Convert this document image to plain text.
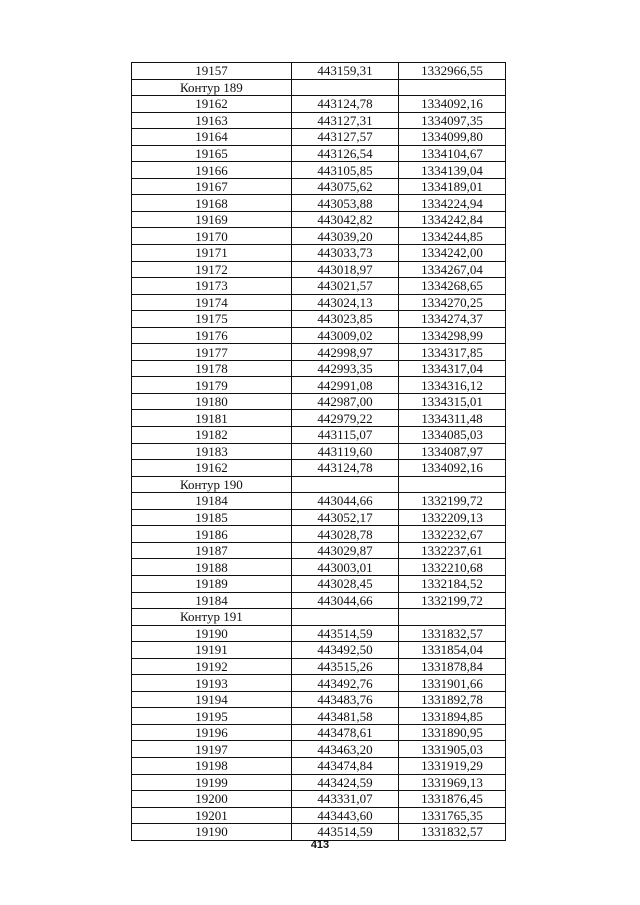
19157	443159,31	1332966,55
Контур 189		
19162	443124,78	1334092,16
19163	443127,31	1334097,35
19164	443127,57	1334099,80
19165	443126,54	1334104,67
19166	443105,85	1334139,04
19167	443075,62	1334189,01
19168	443053,88	1334224,94
19169	443042,82	1334242,84
19170	443039,20	1334244,85
19171	443033,73	1334242,00
19172	443018,97	1334267,04
19173	443021,57	1334268,65
19174	443024,13	1334270,25
19175	443023,85	1334274,37
19176	443009,02	1334298,99
19177	442998,97	1334317,85
19178	442993,35	1334317,04
19179	442991,08	1334316,12
19180	442987,00	1334315,01
19181	442979,22	1334311,48
19182	443115,07	1334085,03
19183	443119,60	1334087,97
19162	443124,78	1334092,16
Контур 190		
19184	443044,66	1332199,72
19185	443052,17	1332209,13
19186	443028,78	1332232,67
19187	443029,87	1332237,61
19188	443003,01	1332210,68
19189	443028,45	1332184,52
19184	443044,66	1332199,72
Контур 191		
19190	443514,59	1331832,57
19191	443492,50	1331854,04
19192	443515,26	1331878,84
19193	443492,76	1331901,66
19194	443483,76	1331892,78
19195	443481,58	1331894,85
19196	443478,61	1331890,95
19197	443463,20	1331905,03
19198	443474,84	1331919,29
19199	443424,59	1331969,13
19200	443331,07	1331876,45
19201	443443,60	1331765,35
19190	443514,59	1331832,57
413
